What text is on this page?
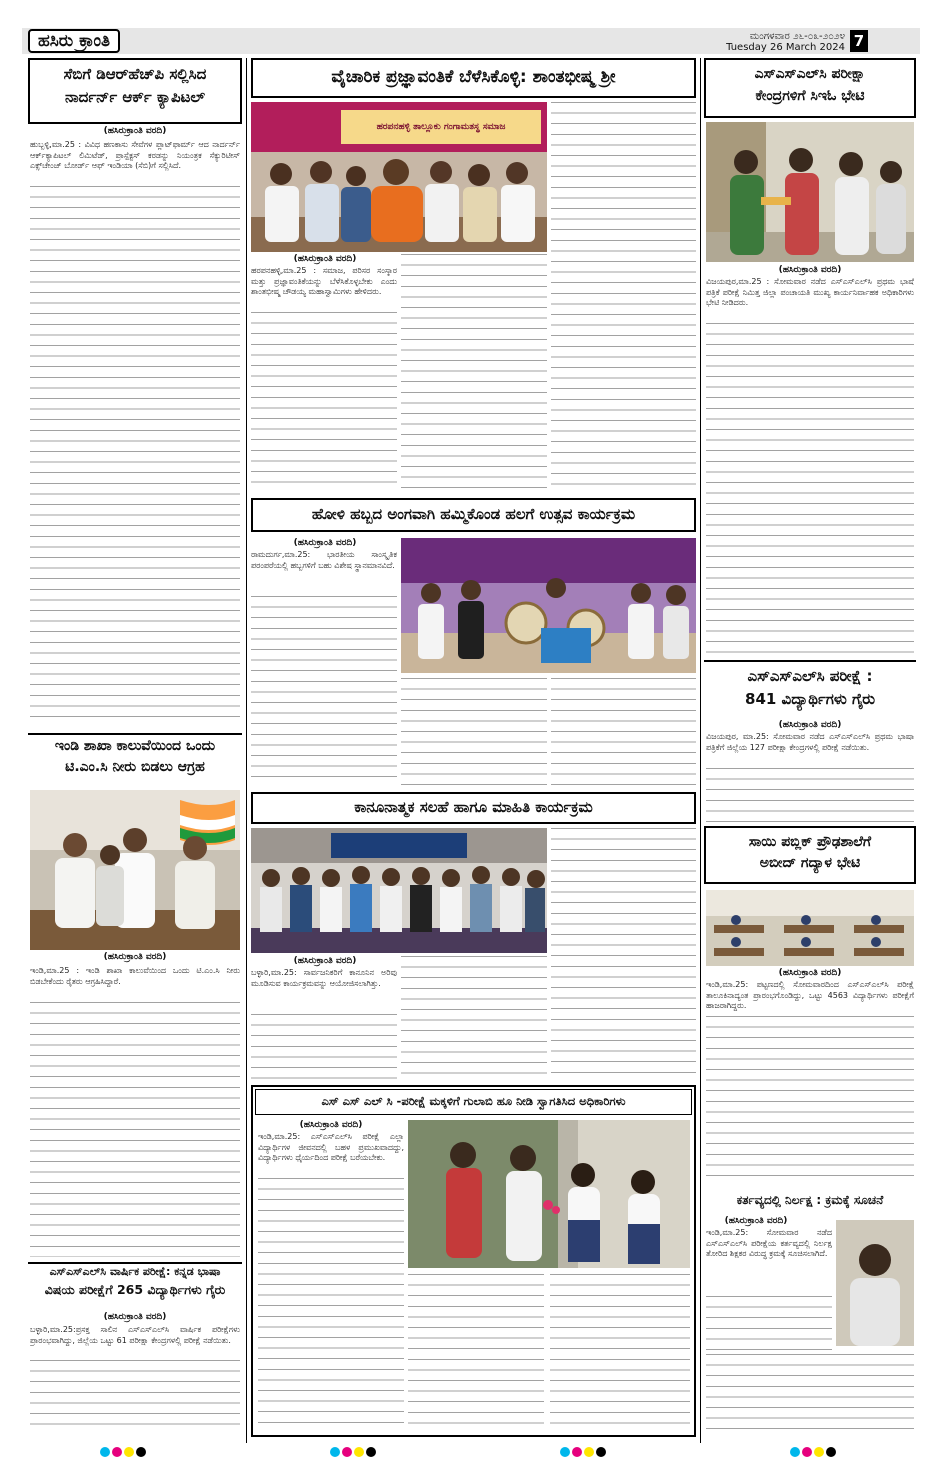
ಹಸಿರು ಕ್ರಾಂತಿ	ಮಂಗಳವಾರ ೨೬-೦೩-೨೦೨೪
Tuesday 26 March 2024 7
ಸೆಬಿಗೆ ಡಿಆರ್‌ಹೆಚ್‌ಪಿ ಸಲ್ಲಿಸಿದ
ನಾರ್ದರ್ನ್ ಆರ್ಕ್ ಕ್ಯಾಪಿಟಲ್
(ಹಸಿರುಕ್ರಾಂತಿ ವರದಿ)
ಹುಬ್ಬಳ್ಳಿ,ಮಾ.25 : ವಿವಿಧ ಹಣಕಾಸು ಸೇವೆಗಳ ಪ್ಲಾಟ್‌ಫಾರ್ಮ್ ಆದ ನಾರ್ದರ್ನ್ ಆರ್ಕ್‌ಕ್ಯಾಪಿಟಲ್ ಲಿಮಿಟೆಡ್, ಪ್ರಾಸ್ಪೆಕ್ಟಸ್ ಕರಡನ್ನು ನಿಯಂತ್ರಕ ಸೆಕ್ಯುರಿಟೀಸ್ ಎಕ್ಸ್‌ಚೇಂಜ್ ಬೋರ್ಡ್ ಆಫ್ ಇಂಡಿಯಾ (ಸೆಬಿ)ಗೆ ಸಲ್ಲಿಸಿದೆ.
ಇಂಡಿ ಶಾಖಾ ಕಾಲುವೆಯಿಂದ ಒಂದು
ಟಿ.ಎಂ.ಸಿ ನೀರು ಬಿಡಲು ಆಗ್ರಹ
(ಹಸಿರುಕ್ರಾಂತಿ ವರದಿ)
ಇಂಡಿ,ಮಾ.25 : ಇಂಡಿ ಶಾಖಾ ಕಾಲುವೆಯಿಂದ ಒಂದು ಟಿ.ಎಂ.ಸಿ ನೀರು ಬಿಡಬೇಕೆಂದು ರೈತರು ಆಗ್ರಹಿಸಿದ್ದಾರೆ.
ಎಸ್‌ಎಸ್‌ಎಲ್‌ಸಿ ವಾರ್ಷಿಕ ಪರೀಕ್ಷೆ: ಕನ್ನಡ ಭಾಷಾ
ವಿಷಯ ಪರೀಕ್ಷೆಗೆ 265 ವಿದ್ಯಾರ್ಥಿಗಳು ಗೈರು
(ಹಸಿರುಕ್ರಾಂತಿ ವರದಿ)
ಬಳ್ಳಾರಿ,ಮಾ.25:ಪ್ರಸಕ್ತ ಸಾಲಿನ ಎಸ್‌ಎಸ್‌ಎಲ್‌ಸಿ ವಾರ್ಷಿಕ ಪರೀಕ್ಷೆಗಳು ಪ್ರಾರಂಭವಾಗಿದ್ದು, ಜಿಲ್ಲೆಯ ಒಟ್ಟು 61 ಪರೀಕ್ಷಾ ಕೇಂದ್ರಗಳಲ್ಲಿ ಪರೀಕ್ಷೆ ನಡೆಯಿತು.
ವೈಚಾರಿಕ ಪ್ರಜ್ಞಾವಂತಿಕೆ ಬೆಳೆಸಿಕೊಳ್ಳಿ: ಶಾಂತಭೀಷ್ಮ ಶ್ರೀ
ಹರಪನಹಳ್ಳಿ ತಾಲ್ಲೂಕು ಗಂಗಾಮತಸ್ಥ ಸಮಾಜ
(ಹಸಿರುಕ್ರಾಂತಿ ವರದಿ)
ಹರಪನಹಳ್ಳಿ,ಮಾ.25 : ಸಮಾಜ, ಪರಿಸರ ಸಂಸ್ಕಾರ ಮತ್ತು ಪ್ರಜ್ಞಾವಂತಿಕೆಯನ್ನು ಬೆಳೆಸಿಕೊಳ್ಳಬೇಕು ಎಂದು ಶಾಂತಭೀಷ್ಮ ಚೌಡಯ್ಯ ಮಹಾಸ್ವಾಮಿಗಳು ಹೇಳಿದರು.
ಹೋಳಿ ಹಬ್ಬದ ಅಂಗವಾಗಿ ಹಮ್ಮಿಕೊಂಡ ಹಲಗೆ ಉತ್ಸವ ಕಾರ್ಯಕ್ರಮ
(ಹಸಿರುಕ್ರಾಂತಿ ವರದಿ)
ರಾಮದುರ್ಗ,ಮಾ.25: ಭಾರತೀಯ ಸಾಂಸ್ಕೃತಿಕ ಪರಂಪರೆಯಲ್ಲಿ ಹಬ್ಬಗಳಿಗೆ ಬಹು ವಿಶೇಷ ಸ್ಥಾನಮಾನವಿದೆ.
ಕಾನೂನಾತ್ಮಕ ಸಲಹೆ ಹಾಗೂ ಮಾಹಿತಿ ಕಾರ್ಯಕ್ರಮ
(ಹಸಿರುಕ್ರಾಂತಿ ವರದಿ)
ಬಳ್ಳಾರಿ,ಮಾ.25: ಸಾರ್ವಜನಿಕರಿಗೆ ಕಾನೂನಿನ ಅರಿವು ಮೂಡಿಸುವ ಕಾರ್ಯಕ್ರಮವನ್ನು ಆಯೋಜಿಸಲಾಗಿತ್ತು.
ಎಸ್ ಎಸ್ ಎಲ್ ಸಿ -ಪರೀಕ್ಷೆ ಮಕ್ಕಳಿಗೆ ಗುಲಾಬಿ ಹೂ ನೀಡಿ ಸ್ವಾಗತಿಸಿದ ಅಧಿಕಾರಿಗಳು
(ಹಸಿರುಕ್ರಾಂತಿ ವರದಿ)
ಇಂಡಿ,ಮಾ.25: ಎಸ್‌ಎಸ್‌ಎಲ್‌ಸಿ ಪರೀಕ್ಷೆ ಎಲ್ಲಾ ವಿದ್ಯಾರ್ಥಿಗಳ ಜೀವನದಲ್ಲಿ ಬಹಳ ಪ್ರಮುಖವಾದದ್ದು, ವಿದ್ಯಾರ್ಥಿಗಳು ಧೈರ್ಯದಿಂದ ಪರೀಕ್ಷೆ ಬರೆಯಬೇಕು.
ಎಸ್‌ಎಸ್‌ಎಲ್‌ಸಿ ಪರೀಕ್ಷಾ
ಕೇಂದ್ರಗಳಿಗೆ ಸಿಇಓ ಭೇಟಿ
(ಹಸಿರುಕ್ರಾಂತಿ ವರದಿ)
ವಿಜಯಪುರ,ಮಾ.25 : ಸೋಮವಾರ ನಡೆದ ಎಸ್‌ಎಸ್‌ಎಲ್‌ಸಿ ಪ್ರಥಮ ಭಾಷೆ ಪತ್ರಿಕೆ ಪರೀಕ್ಷೆ ನಿಮಿತ್ತ ಜಿಲ್ಲಾ ಪಂಚಾಯತಿ ಮುಖ್ಯ ಕಾರ್ಯನಿರ್ವಾಹಕ ಅಧಿಕಾರಿಗಳು ಭೇಟಿ ನೀಡಿದರು.
ಎಸ್‌ಎಸ್‌ಎಲ್‌ಸಿ ಪರೀಕ್ಷೆ :
841 ವಿದ್ಯಾರ್ಥಿಗಳು ಗೈರು
(ಹಸಿರುಕ್ರಾಂತಿ ವರದಿ)
ವಿಜಯಪುರ, ಮಾ.25: ಸೋಮವಾರ ನಡೆದ ಎಸ್‌ಎಸ್‌ಎಲ್‌ಸಿ ಪ್ರಥಮ ಭಾಷಾ ಪತ್ರಿಕೆಗೆ ಜಿಲ್ಲೆಯ 127 ಪರೀಕ್ಷಾ ಕೇಂದ್ರಗಳಲ್ಲಿ ಪರೀಕ್ಷೆ ನಡೆಯಿತು.
ಸಾಯಿ ಪಬ್ಲಿಕ್ ಪ್ರೌಢಶಾಲೆಗೆ
ಅಬೀದ್ ಗದ್ಯಾಳ ಭೇಟಿ
(ಹಸಿರುಕ್ರಾಂತಿ ವರದಿ)
ಇಂಡಿ,ಮಾ.25: ಪಟ್ಟಣದಲ್ಲಿ ಸೋಮವಾರದಿಂದ ಎಸ್‌ಎಸ್‌ಎಲ್‌ಸಿ ಪರೀಕ್ಷೆ ತಾಲೂಕಿನಾದ್ಯಂತ ಪ್ರಾರಂಭಗೊಂಡಿದ್ದು, ಒಟ್ಟು 4563 ವಿದ್ಯಾರ್ಥಿಗಳು ಪರೀಕ್ಷೆಗೆ ಹಾಜರಾಗಿದ್ದರು.
ಕರ್ತವ್ಯದಲ್ಲಿ ನಿರ್ಲಕ್ಷ : ಕ್ರಮಕ್ಕೆ ಸೂಚನೆ
(ಹಸಿರುಕ್ರಾಂತಿ ವರದಿ)
ಇಂಡಿ,ಮಾ.25: ಸೋಮವಾರ ನಡೆದ ಎಸ್‌ಎಸ್‌ಎಲ್‌ಸಿ ಪರೀಕ್ಷೆಯ ಕರ್ತವ್ಯದಲ್ಲಿ ನಿರ್ಲಕ್ಷ ತೋರಿದ ಶಿಕ್ಷಕರ ವಿರುದ್ಧ ಕ್ರಮಕ್ಕೆ ಸೂಚಿಸಲಾಗಿದೆ.
